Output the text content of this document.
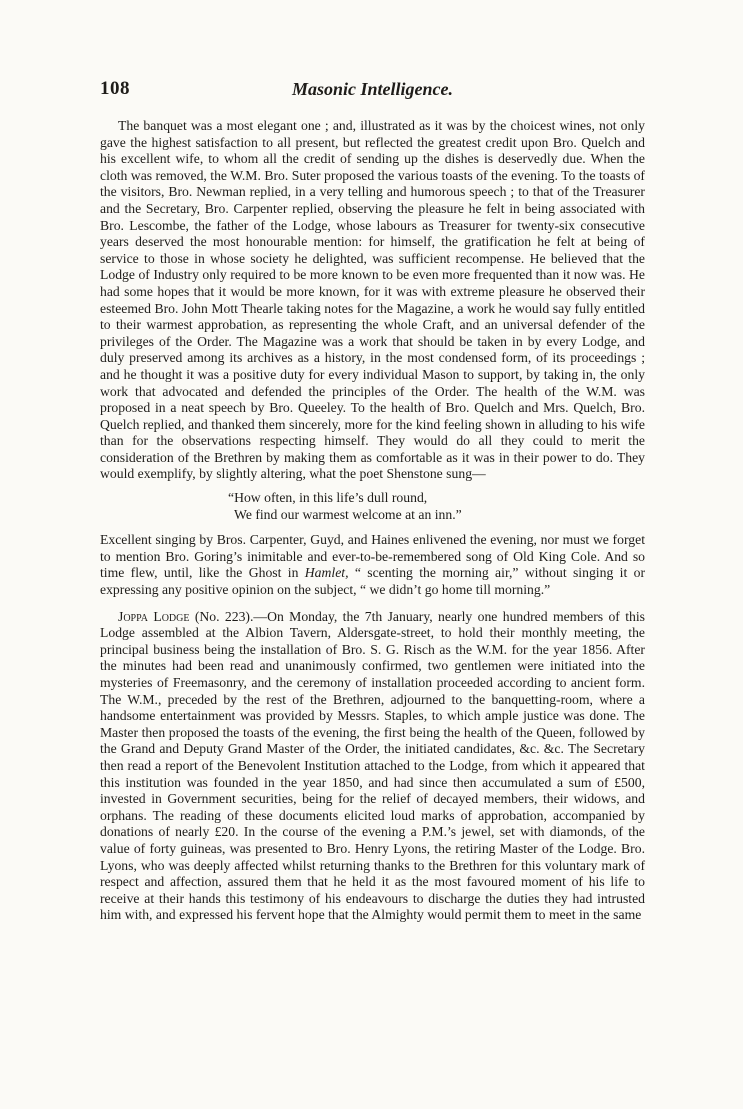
108	Masonic Intelligence.

The banquet was a most elegant one ; and, illustrated as it was by the choicest wines, not only gave the highest satisfaction to all present, but reflected the greatest credit upon Bro. Quelch and his excellent wife, to whom all the credit of sending up the dishes is deservedly due. When the cloth was removed, the W.M. Bro. Suter proposed the various toasts of the evening. To the toasts of the visitors, Bro. Newman replied, in a very telling and humorous speech ; to that of the Treasurer and the Secretary, Bro. Carpenter replied, observing the pleasure he felt in being associated with Bro. Lescombe, the father of the Lodge, whose labours as Treasurer for twenty-six consecutive years deserved the most honourable mention: for himself, the gratification he felt at being of service to those in whose society he delighted, was sufficient recompense. He believed that the Lodge of Industry only required to be more known to be even more frequented than it now was. He had some hopes that it would be more known, for it was with extreme pleasure he observed their esteemed Bro. John Mott Thearle taking notes for the Magazine, a work he would say fully entitled to their warmest approbation, as representing the whole Craft, and an universal defender of the privileges of the Order. The Magazine was a work that should be taken in by every Lodge, and duly preserved among its archives as a history, in the most condensed form, of its proceedings ; and he thought it was a positive duty for every individual Mason to support, by taking in, the only work that advocated and defended the principles of the Order. The health of the W.M. was proposed in a neat speech by Bro. Queeley. To the health of Bro. Quelch and Mrs. Quelch, Bro. Quelch replied, and thanked them sincerely, more for the kind feeling shown in alluding to his wife than for the observations respecting himself. They would do all they could to merit the consideration of the Brethren by making them as comfortable as it was in their power to do. They would exemplify, by slightly altering, what the poet Shenstone sung—

“How often, in this life’s dull round,
We find our warmest welcome at an inn.”

Excellent singing by Bros. Carpenter, Guyd, and Haines enlivened the evening, nor must we forget to mention Bro. Goring’s inimitable and ever-to-be-remembered song of Old King Cole. And so time flew, until, like the Ghost in Hamlet, “ scenting the morning air,” without singing it or expressing any positive opinion on the subject, “ we didn’t go home till morning.”

Joppa Lodge (No. 223).—On Monday, the 7th January, nearly one hundred members of this Lodge assembled at the Albion Tavern, Aldersgate-street, to hold their monthly meeting, the principal business being the installation of Bro. S. G. Risch as the W.M. for the year 1856. After the minutes had been read and unanimously confirmed, two gentlemen were initiated into the mysteries of Freemasonry, and the ceremony of installation proceeded according to ancient form. The W.M., preceded by the rest of the Brethren, adjourned to the banquetting-room, where a handsome entertainment was provided by Messrs. Staples, to which ample justice was done. The Master then proposed the toasts of the evening, the first being the health of the Queen, followed by the Grand and Deputy Grand Master of the Order, the initiated candidates, &c. &c. The Secretary then read a report of the Benevolent Institution attached to the Lodge, from which it appeared that this institution was founded in the year 1850, and had since then accumulated a sum of £500, invested in Government securities, being for the relief of decayed members, their widows, and orphans. The reading of these documents elicited loud marks of approbation, accompanied by donations of nearly £20. In the course of the evening a P.M.’s jewel, set with diamonds, of the value of forty guineas, was presented to Bro. Henry Lyons, the retiring Master of the Lodge. Bro. Lyons, who was deeply affected whilst returning thanks to the Brethren for this voluntary mark of respect and affection, assured them that he held it as the most favoured moment of his life to receive at their hands this testimony of his endeavours to discharge the duties they had intrusted him with, and expressed his fervent hope that the Almighty would permit them to meet in the same
